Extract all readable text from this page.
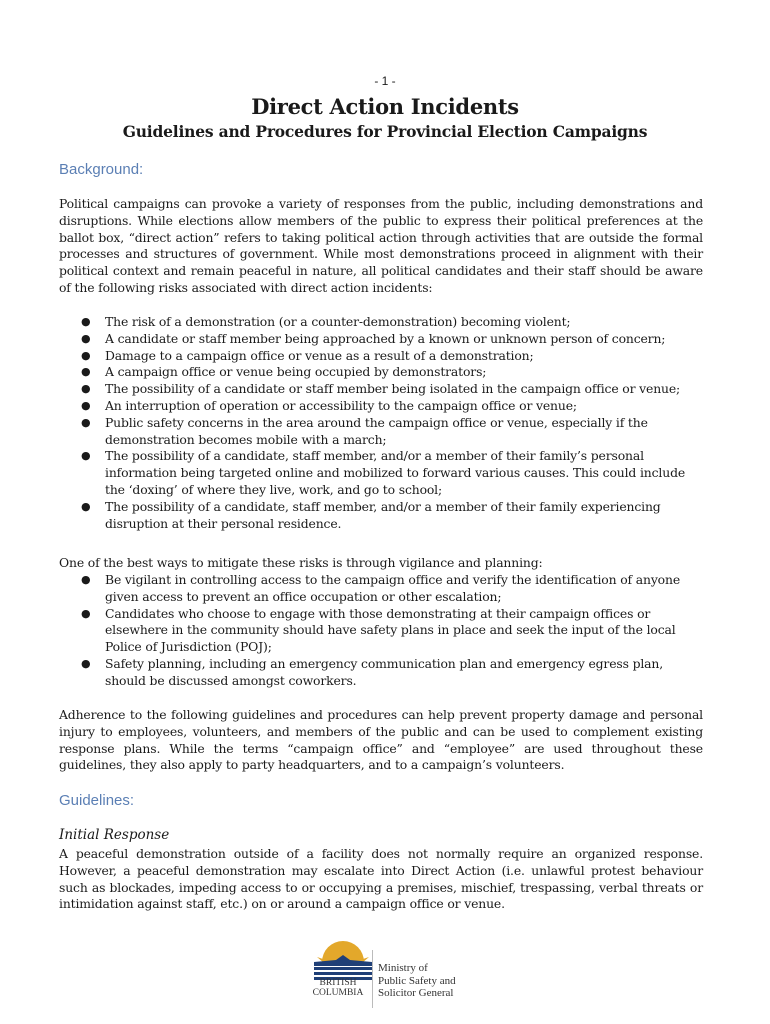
- 1 -
Direct Action Incidents
Guidelines and Procedures for Provincial Election Campaigns
Background:

Political campaigns can provoke a variety of responses from the public, including demonstrations and disruptions. While elections allow members of the public to express their political preferences at the ballot box, “direct action” refers to taking political action through activities that are outside the formal processes and structures of government. While most demonstrations proceed in alignment with their political context and remain peaceful in nature, all political candidates and their staff should be aware of the following risks associated with direct action incidents:

● The risk of a demonstration (or a counter-demonstration) becoming violent;
● A candidate or staff member being approached by a known or unknown person of concern;
● Damage to a campaign office or venue as a result of a demonstration;
● A campaign office or venue being occupied by demonstrators;
● The possibility of a candidate or staff member being isolated in the campaign office or venue;
● An interruption of operation or accessibility to the campaign office or venue;
● Public safety concerns in the area around the campaign office or venue, especially if the demonstration becomes mobile with a march;
● The possibility of a candidate, staff member, and/or a member of their family’s personal information being targeted online and mobilized to forward various causes. This could include the ‘doxing’ of where they live, work, and go to school;
● The possibility of a candidate, staff member, and/or a member of their family experiencing disruption at their personal residence.

One of the best ways to mitigate these risks is through vigilance and planning:

● Be vigilant in controlling access to the campaign office and verify the identification of anyone given access to prevent an office occupation or other escalation;
● Candidates who choose to engage with those demonstrating at their campaign offices or elsewhere in the community should have safety plans in place and seek the input of the local Police of Jurisdiction (POJ);
● Safety planning, including an emergency communication plan and emergency egress plan, should be discussed amongst coworkers.

Adherence to the following guidelines and procedures can help prevent property damage and personal injury to employees, volunteers, and members of the public and can be used to complement existing response plans. While the terms “campaign office” and “employee” are used throughout these guidelines, they also apply to party headquarters, and to a campaign’s volunteers.

Guidelines:
Initial Response

A peaceful demonstration outside of a facility does not normally require an organized response. However, a peaceful demonstration may escalate into Direct Action (i.e. unlawful protest behaviour such as blockades, impeding access to or occupying a premises, mischief, trespassing, verbal threats or intimidation against staff, etc.) on or around a campaign office or venue.

BRITISH
COLUMBIA
Ministry of
Public Safety and
Solicitor General
